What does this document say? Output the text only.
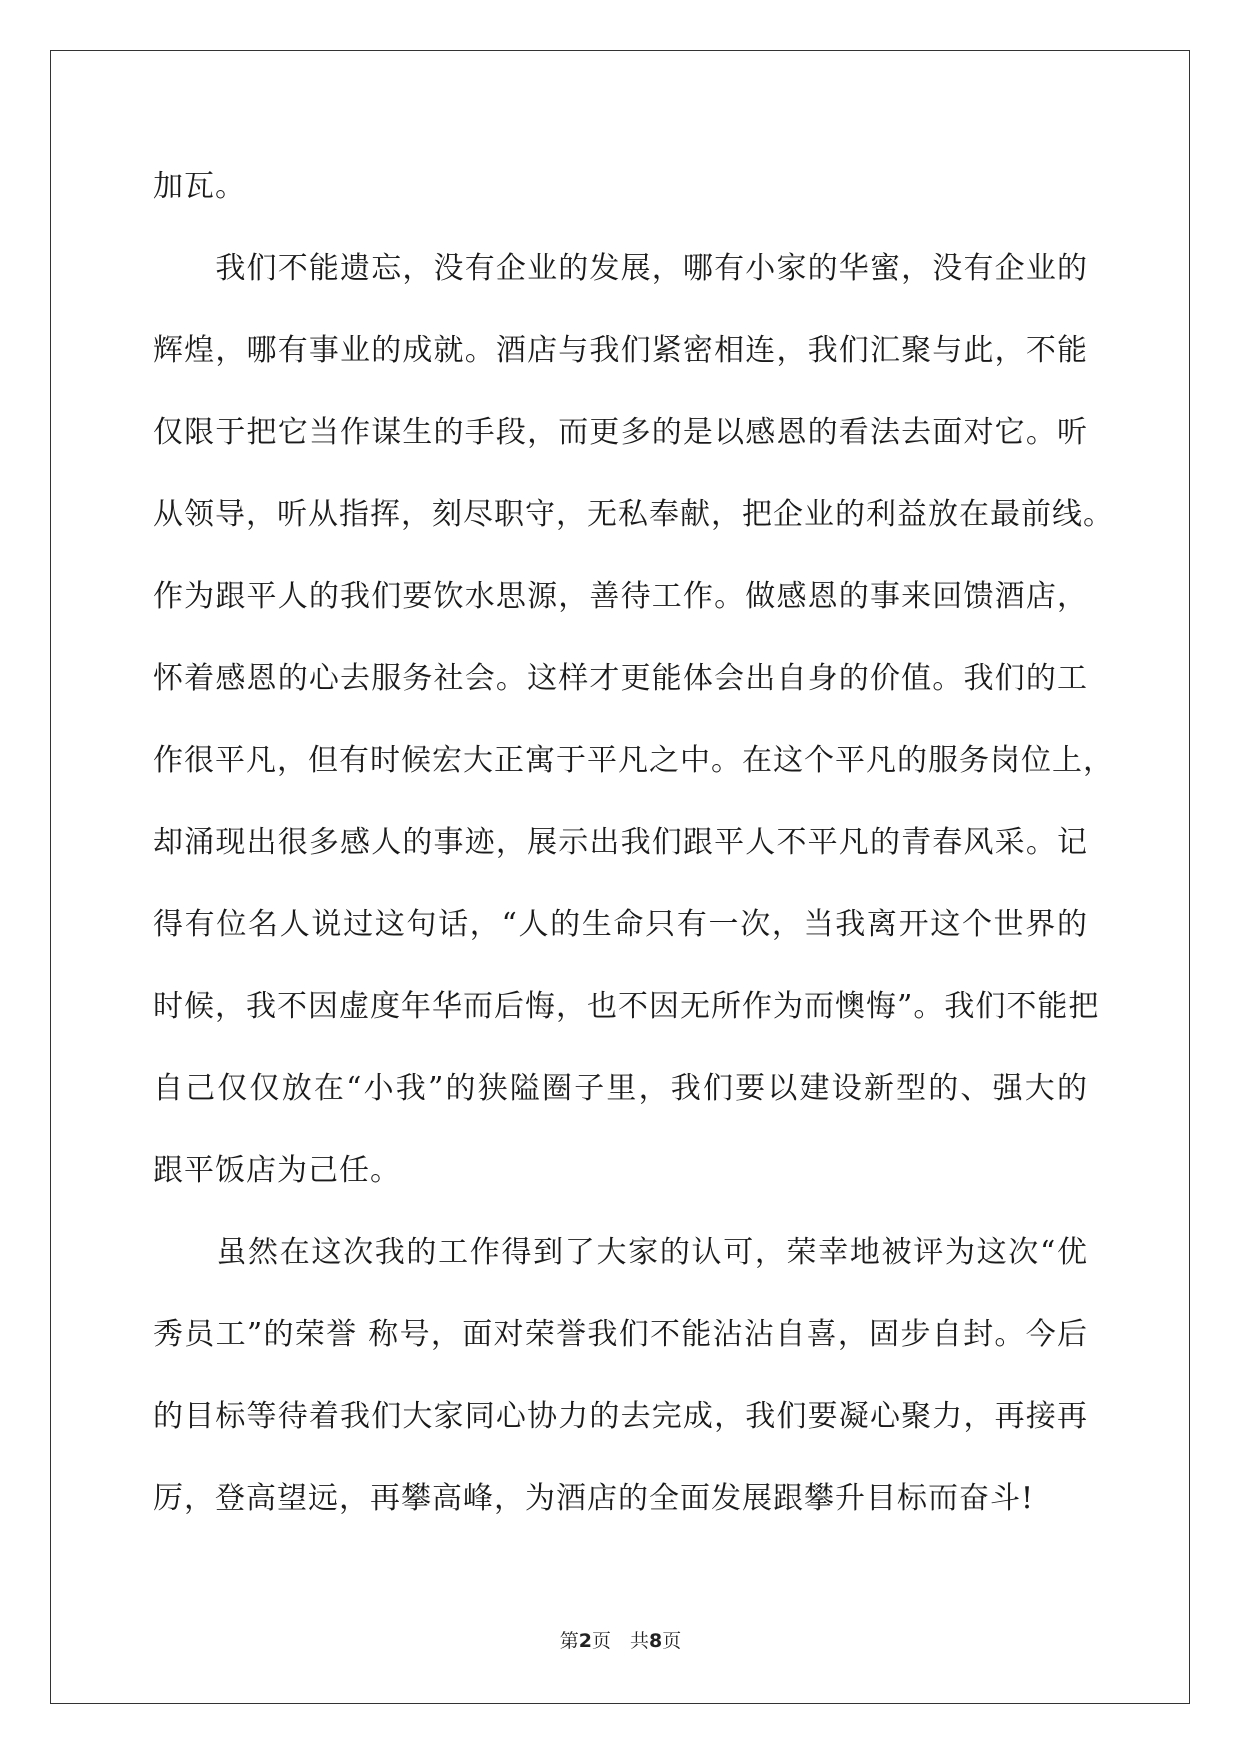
加瓦。
　　我们不能遗忘，没有企业的发展，哪有小家的华蜜，没有企业的
辉煌，哪有事业的成就。酒店与我们紧密相连，我们汇聚与此，不能
仅限于把它当作谋生的手段，而更多的是以感恩的看法去面对它。听
从领导，听从指挥，刻尽职守，无私奉献，把企业的利益放在最前线。
作为跟平人的我们要饮水思源，善待工作。做感恩的事来回馈酒店，
怀着感恩的心去服务社会。这样才更能体会出自身的价值。我们的工
作很平凡，但有时候宏大正寓于平凡之中。在这个平凡的服务岗位上，
却涌现出很多感人的事迹，展示出我们跟平人不平凡的青春风采。记
得有位名人说过这句话，“人的生命只有一次，当我离开这个世界的
时候，我不因虚度年华而后悔，也不因无所作为而懊悔”。我们不能把
自己仅仅放在“小我”的狭隘圈子里，我们要以建设新型的、强大的
跟平饭店为己任。
　　虽然在这次我的工作得到了大家的认可，荣幸地被评为这次“优
秀员工”的荣誉 称号，面对荣誉我们不能沾沾自喜，固步自封。今后
的目标等待着我们大家同心协力的去完成，我们要凝心聚力，再接再
厉，登高望远，再攀高峰，为酒店的全面发展跟攀升目标而奋斗!
第2页　共8页
